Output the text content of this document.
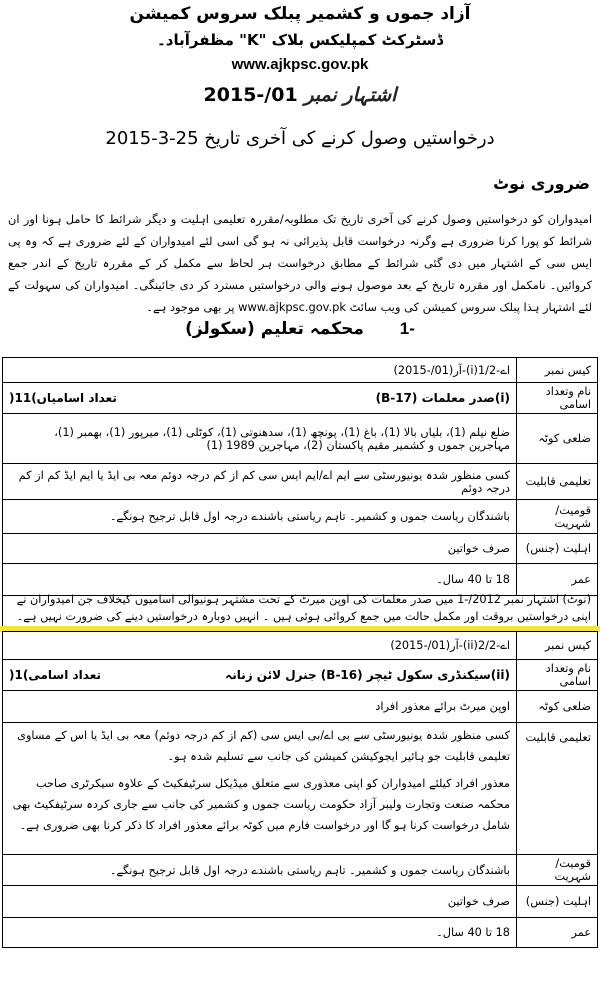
آزاد جموں و کشمیر پبلک سروس کمیشن
ڈسٹرکٹ کمپلیکس بلاک "K" مظفرآباد۔
www.ajkpsc.gov.pk
اشتہار نمبر 01/-2015
درخواستیں وصول کرنے کی آخری تاریخ 25-3-2015
ضروری نوٹ
امیدواران کو درخواستیں وصول کرنے کی آخری تاریخ تک مطلوبہ/مقررہ تعلیمی اہلیت و دیگر شرائط کا حامل ہونا اور ان شرائط کو پورا کرنا ضروری ہے وگرنہ درخواست قابل پذیرائی نہ ہو گی اسی لئے امیدواران کے لئے ضروری ہے کہ وہ پی ایس سی کے اشتہار میں دی گئی شرائط کے مطابق درخواست ہر لحاظ سے مکمل کر کے مقررہ تاریخ کے اندر جمع کروائیں۔ نامکمل اور مقررہ تاریخ کے بعد موصول ہونے والی درخواستیں مسترد کر دی جائینگی۔ امیدواران کی سہولت کے لئے اشتہار ہذا پبلک سروس کمیشن کی ویب سائٹ www.ajkpsc.gov.pk پر بھی موجود ہے۔
-1 محکمہ تعلیم (سکولز)
کیس نمبر	اے-1/2(i)-آر(01/-2015)
نام وتعداد اسامی	(i)صدر معلمات (B-17)
تعداد اسامیاں)11(

ضلعی کوٹہ	ضلع نیلم (1)، بلیاں بالا (1)، باغ (1)، پونچھ (1)، سدھنوتی (1)، کوٹلی (1)، میرپور (1)، بھمبر (1)،
مہاجرین جموں و کشمیر مقیم پاکستان (2)، مہاجرین 1989 (1)

تعلیمی قابلیت	کسی منظور شدہ یونیورسٹی سے ایم اے/ایم ایس سی کم از کم درجہ دوئم معہ بی ایڈ یا ایم ایڈ کم از کم درجہ دوئم
قومیت/شہریت	باشندگان ریاست جموں و کشمیر۔ تاہم ریاستی باشندے درجہ اول قابل ترجیح ہونگے۔
اہلیت (جنس)	صرف خواتین
عمر	18 تا 40 سال۔
(نوٹ) اشتہار نمبر 2012/-1 میں صدر معلمات کی اوپن میرٹ کے تحت مشتہر ہونیوالی اسامیوں کیخلاف جن امیدواران نے اپنی درخواستیں بروقت اور مکمل حالت میں جمع کروائی ہوئی ہیں ۔ انہیں دوبارہ درخواستیں دینے کی ضرورت نہیں ہے۔
کیس نمبر	اے-2/2(ii)-آر(01/-2015)
نام وتعداد اسامی	(ii)سیکنڈری سکول ٹیچر (B-16) جنرل لائن زنانہ
تعداد اسامی)1(

ضلعی کوٹہ	اوپن میرٹ برائے معذور افراد
تعلیمی قابلیت	کسی منظور شدہ یونیورسٹی سے بی اے/بی ایس سی (کم از کم درجہ دوئم) معہ بی ایڈ یا اس کے مساوی تعلیمی قابلیت جو ہائیر ایجوکیشن کمیشن کی جانب سے تسلیم شدہ ہو۔
معذور افراد کیلئے امیدواران کو اپنی معذوری سے متعلق میڈیکل سرٹیفکیٹ کے علاوہ سیکرٹری صاحب محکمہ صنعت وتجارت ولیبر آزاد حکومت ریاست جموں و کشمیر کی جانب سے جاری کردہ سرٹیفکیٹ بھی شامل درخواست کرنا ہو گا اور درخواست فارم میں کوٹہ برائے معذور افراد کا ذکر کرنا بھی ضروری ہے۔

قومیت/شہریت	باشندگان ریاست جموں و کشمیر۔ تاہم ریاستی باشندے درجہ اول قابل ترجیح ہونگے۔
اہلیت (جنس)	صرف خواتین
عمر	18 تا 40 سال۔
